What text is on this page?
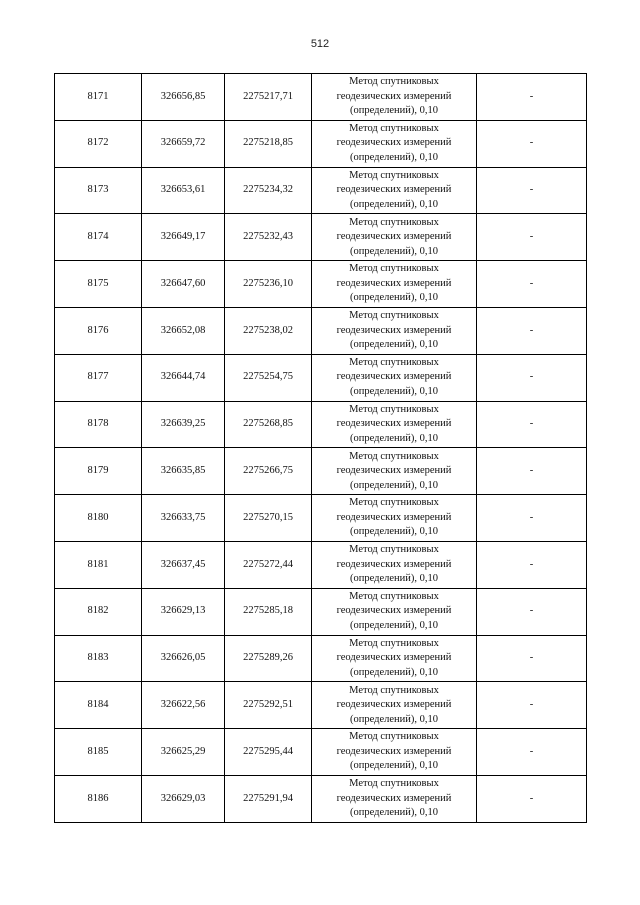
512
8171	326656,85	2275217,71	Метод спутниковых
геодезических измерений
(определений), 0,10	-
8172	326659,72	2275218,85	Метод спутниковых
геодезических измерений
(определений), 0,10	-
8173	326653,61	2275234,32	Метод спутниковых
геодезических измерений
(определений), 0,10	-
8174	326649,17	2275232,43	Метод спутниковых
геодезических измерений
(определений), 0,10	-
8175	326647,60	2275236,10	Метод спутниковых
геодезических измерений
(определений), 0,10	-
8176	326652,08	2275238,02	Метод спутниковых
геодезических измерений
(определений), 0,10	-
8177	326644,74	2275254,75	Метод спутниковых
геодезических измерений
(определений), 0,10	-
8178	326639,25	2275268,85	Метод спутниковых
геодезических измерений
(определений), 0,10	-
8179	326635,85	2275266,75	Метод спутниковых
геодезических измерений
(определений), 0,10	-
8180	326633,75	2275270,15	Метод спутниковых
геодезических измерений
(определений), 0,10	-
8181	326637,45	2275272,44	Метод спутниковых
геодезических измерений
(определений), 0,10	-
8182	326629,13	2275285,18	Метод спутниковых
геодезических измерений
(определений), 0,10	-
8183	326626,05	2275289,26	Метод спутниковых
геодезических измерений
(определений), 0,10	-
8184	326622,56	2275292,51	Метод спутниковых
геодезических измерений
(определений), 0,10	-
8185	326625,29	2275295,44	Метод спутниковых
геодезических измерений
(определений), 0,10	-
8186	326629,03	2275291,94	Метод спутниковых
геодезических измерений
(определений), 0,10	-
